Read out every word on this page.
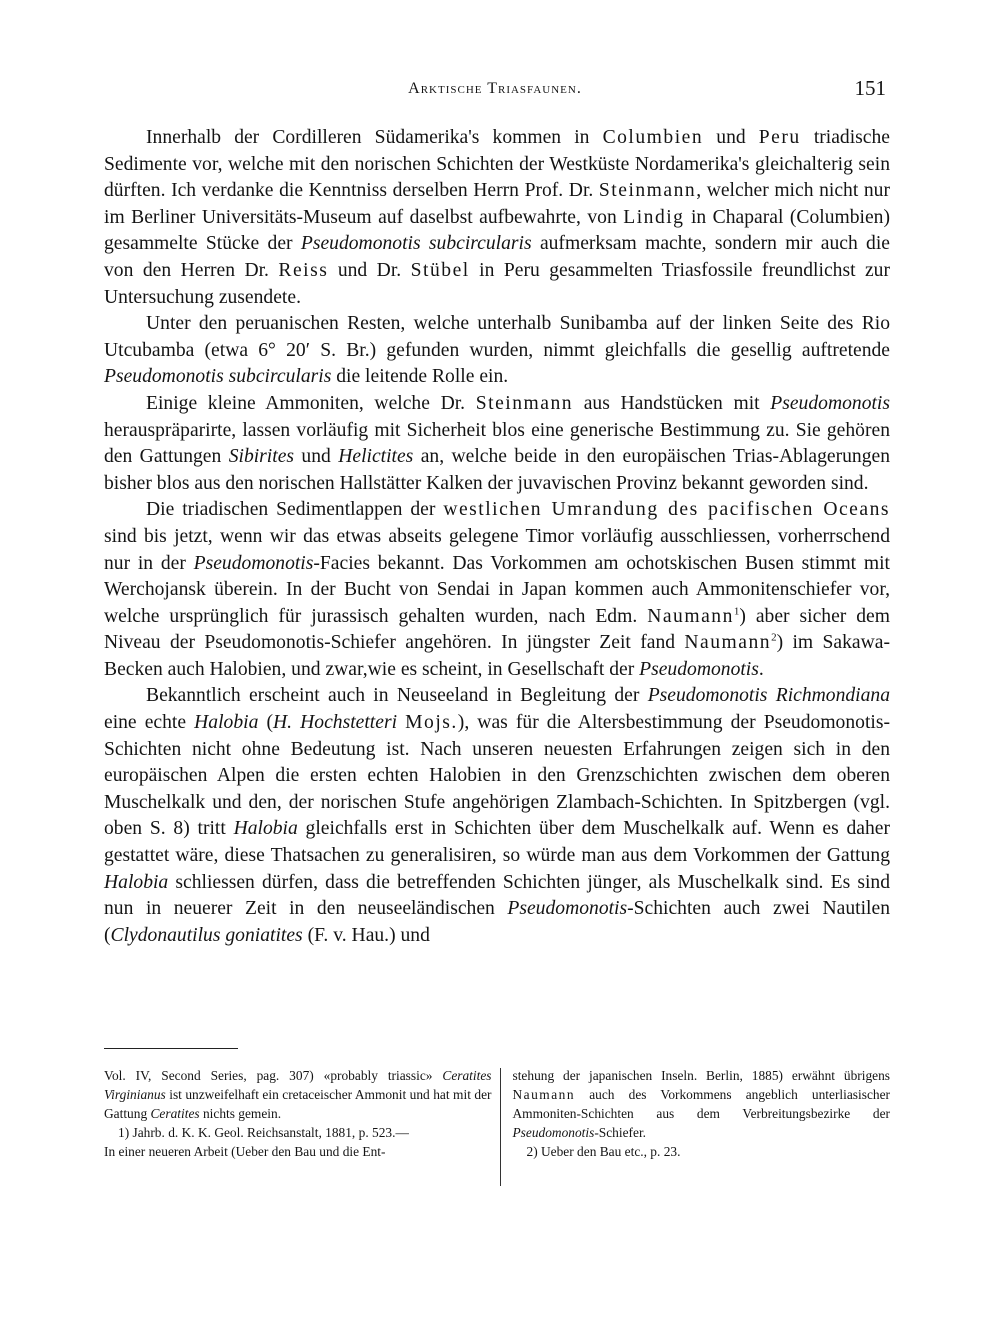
Arktische Triasfaunen.	151

Innerhalb der Cordilleren Südamerika's kommen in Columbien und Peru triadische Sedimente vor, welche mit den norischen Schichten der Westküste Nordamerika's gleichalterig sein dürften. Ich verdanke die Kenntniss derselben Herrn Prof. Dr. Steinmann, welcher mich nicht nur im Berliner Universitäts-Museum auf daselbst aufbewahrte, von Lindig in Chaparal (Columbien) gesammelte Stücke der Pseudomonotis subcircularis aufmerksam machte, sondern mir auch die von den Herren Dr. Reiss und Dr. Stübel in Peru gesammelten Triasfossile freundlichst zur Untersuchung zusendete.

Unter den peruanischen Resten, welche unterhalb Sunibamba auf der linken Seite des Rio Utcubamba (etwa 6° 20′ S. Br.) gefunden wurden, nimmt gleichfalls die gesellig auftretende Pseudomonotis subcircularis die leitende Rolle ein.

Einige kleine Ammoniten, welche Dr. Steinmann aus Handstücken mit Pseudomonotis herauspräparirte, lassen vorläufig mit Sicherheit blos eine generische Bestimmung zu. Sie gehören den Gattungen Sibirites und Helictites an, welche beide in den europäischen Trias-Ablagerungen bisher blos aus den norischen Hallstätter Kalken der juvavischen Provinz bekannt geworden sind.

Die triadischen Sedimentlappen der westlichen Umrandung des pacifischen Oceans sind bis jetzt, wenn wir das etwas abseits gelegene Timor vorläufig ausschliessen, vorherrschend nur in der Pseudomonotis-Facies bekannt. Das Vorkommen am ochotskischen Busen stimmt mit Werchojansk überein. In der Bucht von Sendai in Japan kommen auch Ammonitenschiefer vor, welche ursprünglich für jurassisch gehalten wurden, nach Edm. Naumann$^1$) aber sicher dem Niveau der Pseudomonotis-Schiefer angehören. In jüngster Zeit fand Naumann$^2$) im Sakawa-Becken auch Halobien, und zwar,wie es scheint, in Gesellschaft der Pseudomonotis.

Bekanntlich erscheint auch in Neuseeland in Begleitung der Pseudomonotis Richmondiana eine echte Halobia (H. Hochstetteri Mojs.), was für die Altersbestimmung der Pseudomonotis-Schichten nicht ohne Bedeutung ist. Nach unseren neuesten Erfahrungen zeigen sich in den europäischen Alpen die ersten echten Halobien in den Grenzschichten zwischen dem oberen Muschelkalk und den, der norischen Stufe angehörigen Zlambach-Schichten. In Spitzbergen (vgl. oben S. 8) tritt Halobia gleichfalls erst in Schichten über dem Muschelkalk auf. Wenn es daher gestattet wäre, diese Thatsachen zu generalisiren, so würde man aus dem Vorkommen der Gattung Halobia schliessen dürfen, dass die betreffenden Schichten jünger, als Muschelkalk sind. Es sind nun in neuerer Zeit in den neuseeländischen Pseudomonotis-Schichten auch zwei Nautilen (Clydonautilus goniatites (F. v. Hau.) und

Vol. IV, Second Series, pag. 307) «probably triassic» Ceratites Virginianus ist unzweifelhaft ein cretaceischer Ammonit und hat mit der Gattung Ceratites nichts gemein.

1) Jahrb. d. K. K. Geol. Reichsanstalt, 1881, p. 523.—

In einer neueren Arbeit (Ueber den Bau und die Ent-

stehung der japanischen Inseln. Berlin, 1885) erwähnt übrigens Naumann auch des Vorkommens angeblich unterliasischer Ammoniten-Schichten aus dem Verbreitungsbezirke der Pseudomonotis-Schiefer.

2) Ueber den Bau etc., p. 23.
